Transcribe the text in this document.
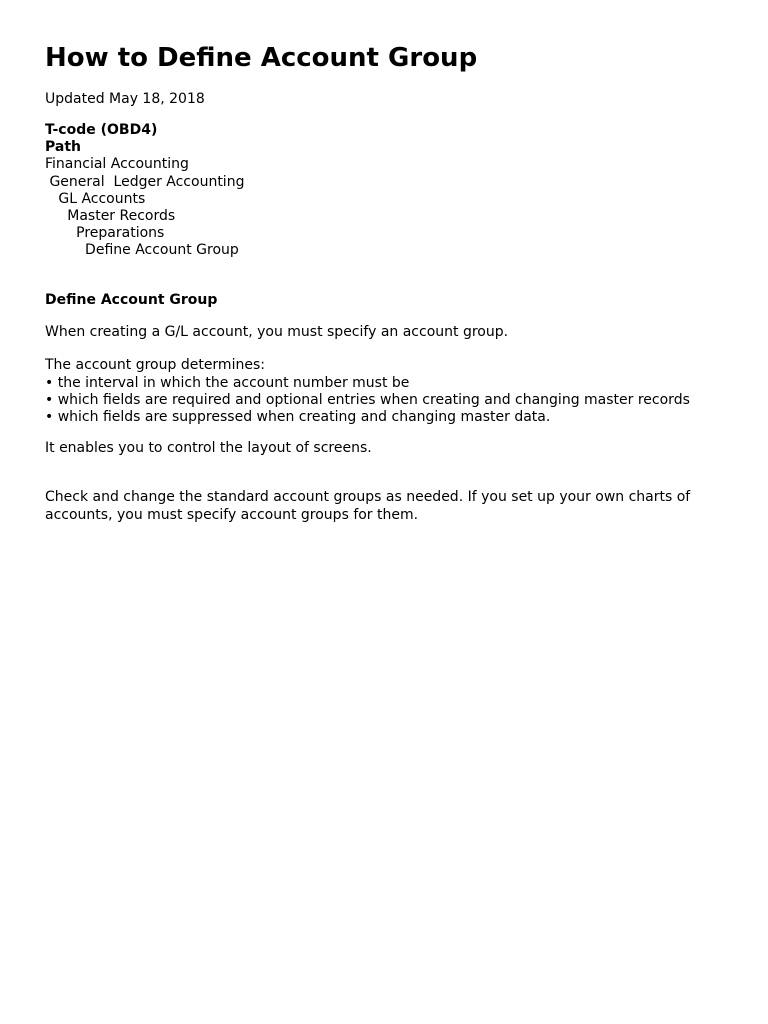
How to Define Account Group
Updated May 18, 2018
T-code (OBD4)
Path
Financial Accounting
General  Ledger Accounting
GL Accounts
Master Records
Preparations
Define Account Group
Define Account Group
When creating a G/L account, you must specify an account group.
The account group determines:
• the interval in which the account number must be
• which fields are required and optional entries when creating and changing master records
• which fields are suppressed when creating and changing master data.
It enables you to control the layout of screens.
Check and change the standard account groups as needed. If you set up your own charts of accounts, you must specify account groups for them.
